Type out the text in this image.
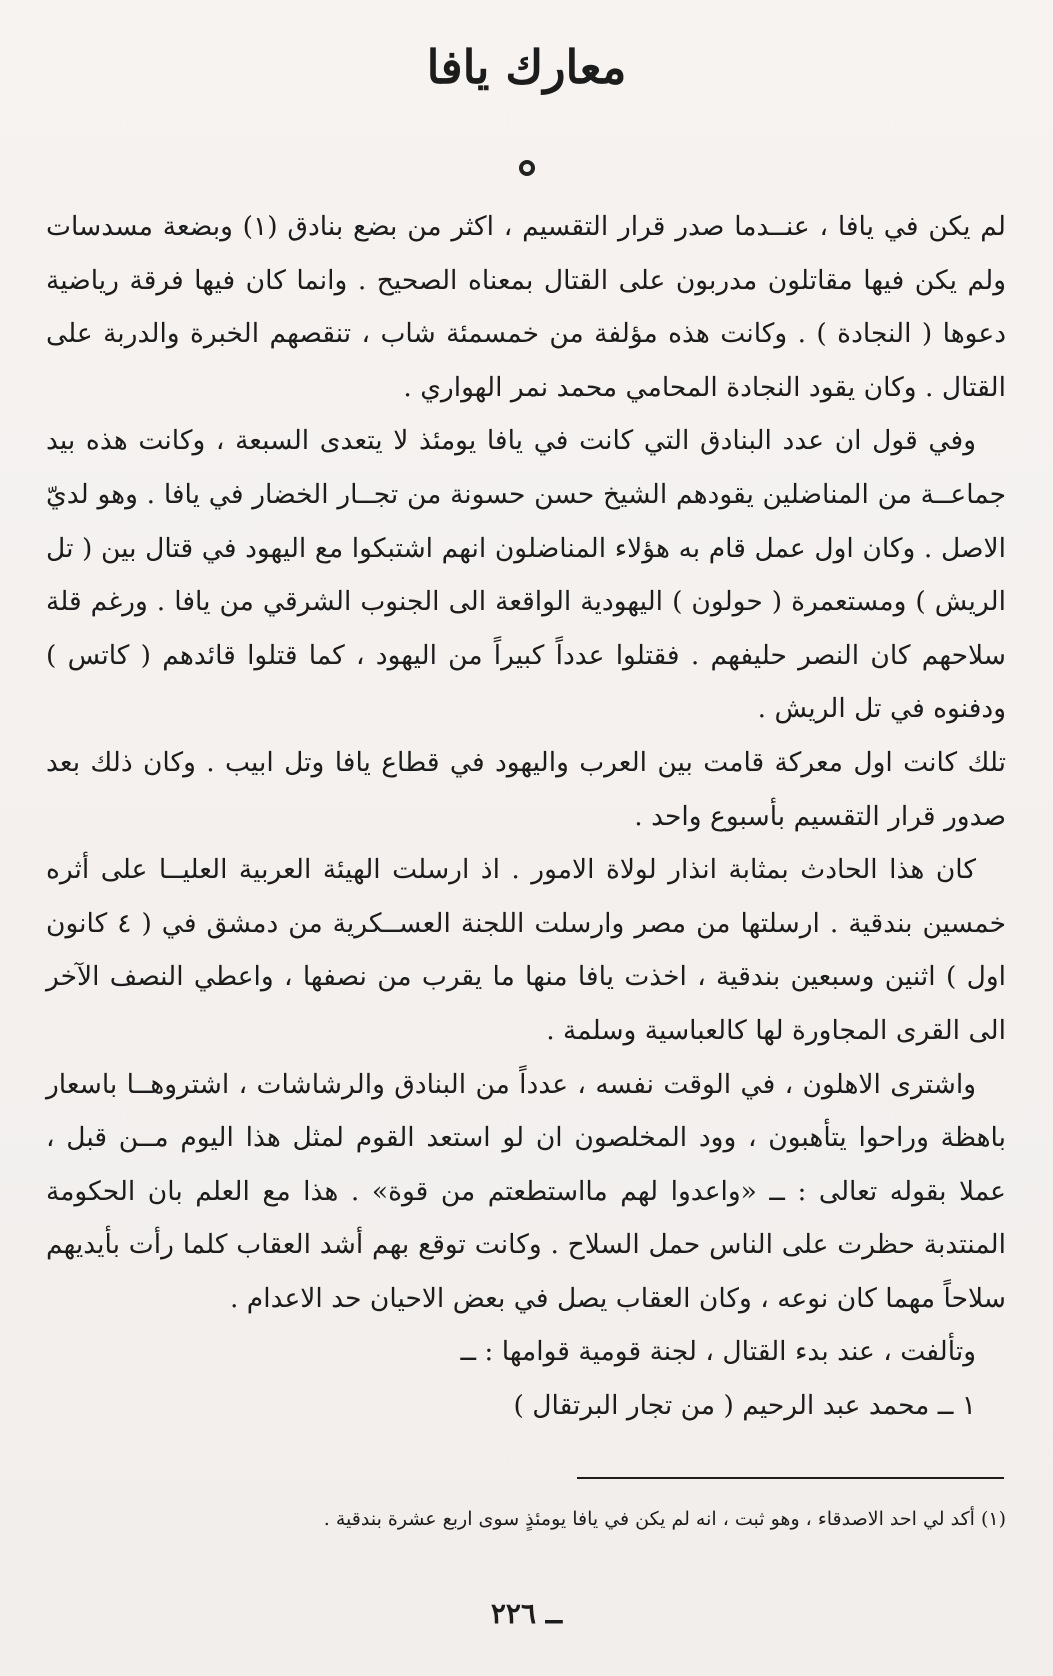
معارك يافا

لم يكن في يافا ، عنــدما صدر قرار التقسيم ، اكثر من بضع بنادق (١) وبضعة مسدسات ولم يكن فيها مقاتلون مدربون على القتال بمعناه الصحيح . وانما كان فيها فرقة رياضية دعوها ( النجادة ) . وكانت هذه مؤلفة من خمسمئة شاب ، تنقصهم الخبرة والدربة على القتال . وكان يقود النجادة المحامي محمد نمر الهواري .

وفي قول ان عدد البنادق التي كانت في يافا يومئذ لا يتعدى السبعة ، وكانت هذه بيد جماعــة من المناضلين يقودهم الشيخ حسن حسونة من تجــار الخضار في يافا . وهو لديّ الاصل . وكان اول عمل قام به هؤلاء المناضلون انهم اشتبكوا مع اليهود في قتال بين ( تل الريش ) ومستعمرة ( حولون ) اليهودية الواقعة الى الجنوب الشرقي من يافا . ورغم قلة سلاحهم كان النصر حليفهم . فقتلوا عدداً كبيراً من اليهود ، كما قتلوا قائدهم ( كاتس ) ودفنوه في تل الريش .

تلك كانت اول معركة قامت بين العرب واليهود في قطاع يافا وتل ابيب . وكان ذلك بعد صدور قرار التقسيم بأسبوع واحد .

كان هذا الحادث بمثابة انذار لولاة الامور . اذ ارسلت الهيئة العربية العليــا على أثره خمسين بندقية . ارسلتها من مصر وارسلت اللجنة العســكرية من دمشق في ( ٤ كانون اول ) اثنين وسبعين بندقية ، اخذت يافا منها ما يقرب من نصفها ، واعطي النصف الآخر الى القرى المجاورة لها كالعباسية وسلمة .

واشترى الاهلون ، في الوقت نفسه ، عدداً من البنادق والرشاشات ، اشتروهــا باسعار باهظة وراحوا يتأهبون ، وود المخلصون ان لو استعد القوم لمثل هذا اليوم مــن قبل ، عملا بقوله تعالى : ــ «واعدوا لهم مااستطعتم من قوة» . هذا مع العلم بان الحكومة المنتدبة حظرت على الناس حمل السلاح . وكانت توقع بهم أشد العقاب كلما رأت بأيديهم سلاحاً مهما كان نوعه ، وكان العقاب يصل في بعض الاحيان حد الاعدام .

وتألفت ، عند بدء القتال ، لجنة قومية قوامها : ــ

١ ــ محمد عبد الرحيم ( من تجار البرتقال )

(١) أكد لي احد الاصدقاء ، وهو ثبت ، انه لم يكن في يافا يومئذٍ سوى اربع عشرة بندقية .
ــ ٢٢٦
